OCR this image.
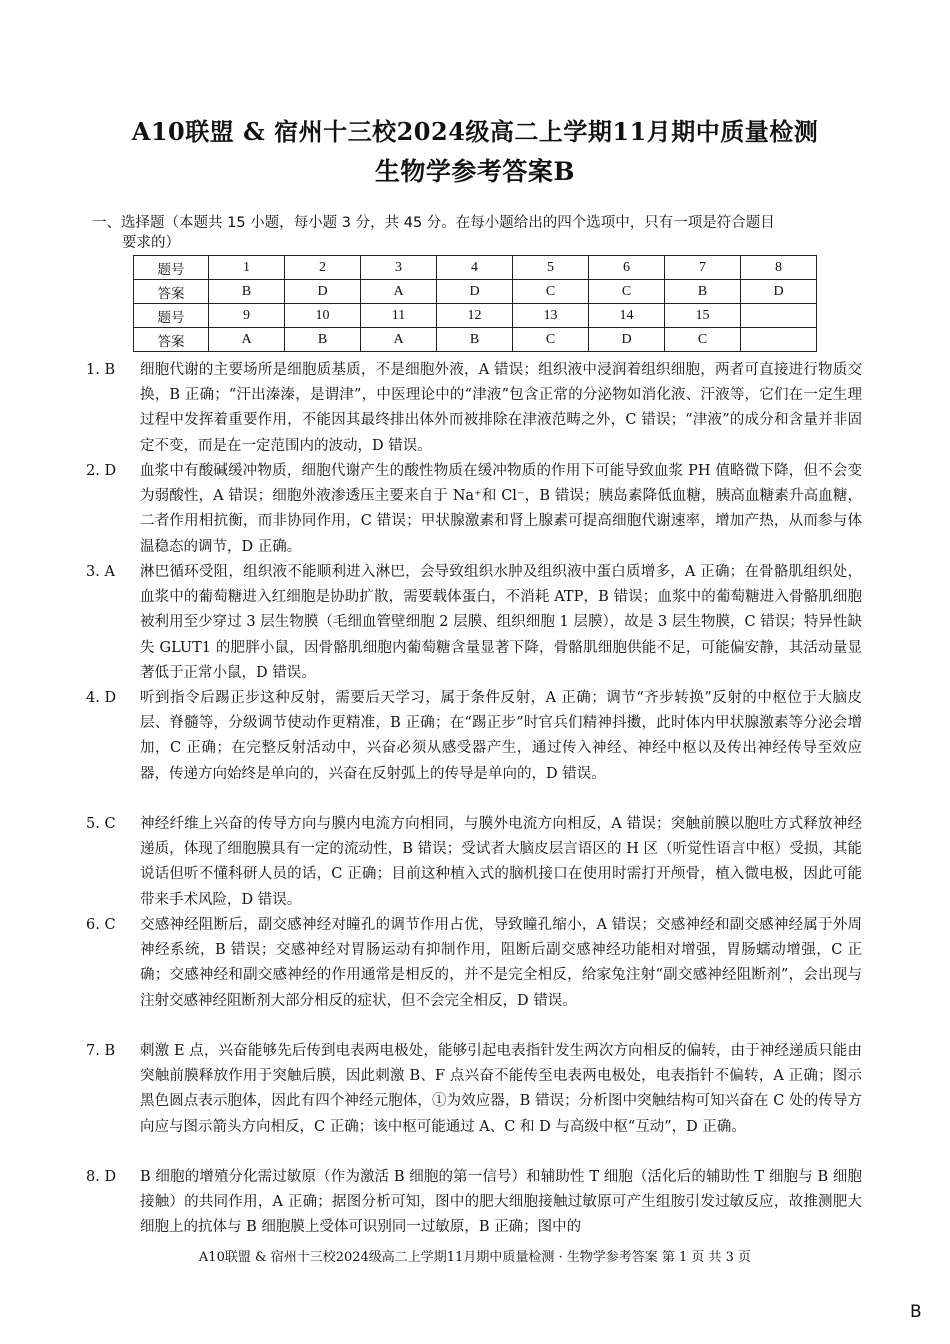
A10联盟 & 宿州十三校2024级高二上学期11月期中质量检测
生物学参考答案B
一、选择题（本题共 15 小题，每小题 3 分，共 45 分。在每小题给出的四个选项中，只有一项是符合题目
要求的）
题号	1	2	3	4	5	6	7	8
答案	B	D	A	D	C	C	B	D
题号	9	10	11	12	13	14	15	
答案	A	B	A	B	C	D	C	
1. B	细胞代谢的主要场所是细胞质基质，不是细胞外液，A 错误；组织液中浸润着组织细胞，两者可直接进行物质交换，B 正确；“汗出溱溱，是谓津”，中医理论中的“津液”包含正常的分泌物如消化液、汗液等，它们在一定生理过程中发挥着重要作用，不能因其最终排出体外而被排除在津液范畴之外，C 错误；“津液”的成分和含量并非固定不变，而是在一定范围内的波动，D 错误。
2. D	血浆中有酸碱缓冲物质，细胞代谢产生的酸性物质在缓冲物质的作用下可能导致血浆 PH 值略微下降，但不会变为弱酸性，A 错误；细胞外液渗透压主要来自于 Na⁺和 Cl⁻，B 错误；胰岛素降低血糖，胰高血糖素升高血糖，二者作用相抗衡，而非协同作用，C 错误；甲状腺激素和肾上腺素可提高细胞代谢速率，增加产热，从而参与体温稳态的调节，D 正确。
3. A	淋巴循环受阻，组织液不能顺利进入淋巴，会导致组织水肿及组织液中蛋白质增多，A 正确；在骨骼肌组织处，血浆中的葡萄糖进入红细胞是协助扩散，需要载体蛋白，不消耗 ATP，B 错误；血浆中的葡萄糖进入骨骼肌细胞被利用至少穿过 3 层生物膜（毛细血管壁细胞 2 层膜、组织细胞 1 层膜），故是 3 层生物膜，C 错误；特异性缺失 GLUT1 的肥胖小鼠，因骨骼肌细胞内葡萄糖含量显著下降，骨骼肌细胞供能不足，可能偏安静，其活动量显著低于正常小鼠，D 错误。
4. D	听到指令后踢正步这种反射，需要后天学习，属于条件反射，A 正确；调节“齐步转换”反射的中枢位于大脑皮层、脊髓等，分级调节使动作更精准，B 正确；在“踢正步”时官兵们精神抖擞，此时体内甲状腺激素等分泌会增加，C 正确；在完整反射活动中，兴奋必须从感受器产生，通过传入神经、神经中枢以及传出神经传导至效应器，传递方向始终是单向的，兴奋在反射弧上的传导是单向的，D 错误。
5. C	神经纤维上兴奋的传导方向与膜内电流方向相同，与膜外电流方向相反，A 错误；突触前膜以胞吐方式释放神经递质，体现了细胞膜具有一定的流动性，B 错误；受试者大脑皮层言语区的 H 区（听觉性语言中枢）受损，其能说话但听不懂科研人员的话，C 正确；目前这种植入式的脑机接口在使用时需打开颅骨，植入微电极，因此可能带来手术风险，D 错误。
6. C	交感神经阻断后，副交感神经对瞳孔的调节作用占优，导致瞳孔缩小，A 错误；交感神经和副交感神经属于外周神经系统，B 错误；交感神经对胃肠运动有抑制作用，阻断后副交感神经功能相对增强，胃肠蠕动增强，C 正确；交感神经和副交感神经的作用通常是相反的，并不是完全相反，给家兔注射“副交感神经阻断剂”，会出现与注射交感神经阻断剂大部分相反的症状，但不会完全相反，D 错误。
7. B	刺激 E 点，兴奋能够先后传到电表两电极处，能够引起电表指针发生两次方向相反的偏转，由于神经递质只能由突触前膜释放作用于突触后膜，因此刺激 B、F 点兴奋不能传至电表两电极处，电表指针不偏转，A 正确；图示黑色圆点表示胞体，因此有四个神经元胞体，①为效应器，B 错误；分析图中突触结构可知兴奋在 C 处的传导方向应与图示箭头方向相反，C 正确；该中枢可能通过 A、C 和 D 与高级中枢“互动”，D 正确。
8. D	B 细胞的增殖分化需过敏原（作为激活 B 细胞的第一信号）和辅助性 T 细胞（活化后的辅助性 T 细胞与 B 细胞接触）的共同作用，A 正确；据图分析可知，图中的肥大细胞接触过敏原可产生组胺引发过敏反应，故推测肥大细胞上的抗体与 B 细胞膜上受体可识别同一过敏原，B 正确；图中的
A10联盟 & 宿州十三校2024级高二上学期11月期中质量检测 · 生物学参考答案 第 1 页 共 3 页
B
